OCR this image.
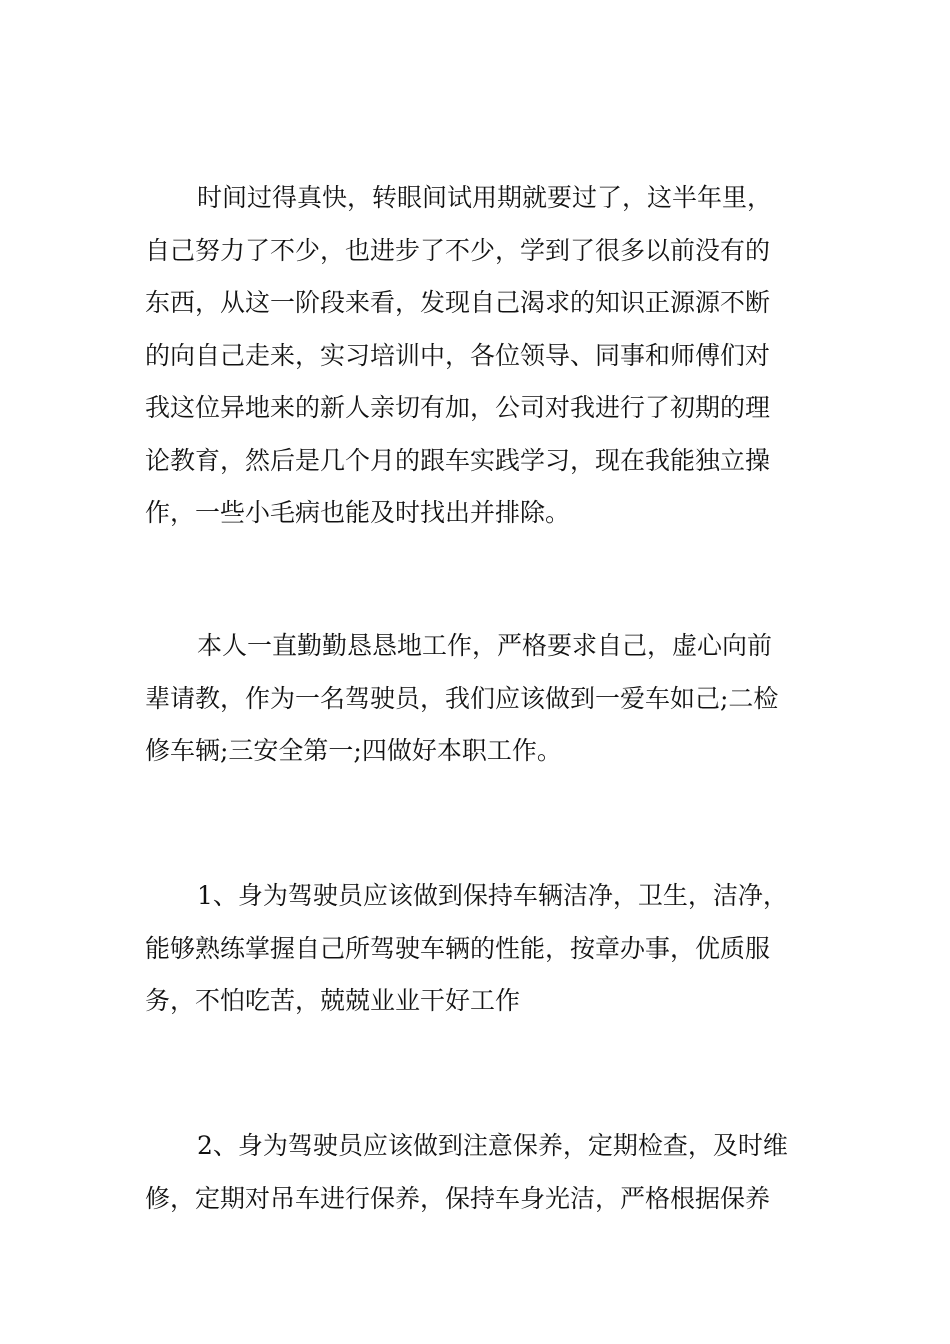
时间过得真快，转眼间试用期就要过了，这半年里，
自己努力了不少，也进步了不少，学到了很多以前没有的
东西，从这一阶段来看，发现自己渴求的知识正源源不断
的向自己走来，实习培训中，各位领导、同事和师傅们对
我这位异地来的新人亲切有加，公司对我进行了初期的理
论教育，然后是几个月的跟车实践学习，现在我能独立操
作，一些小毛病也能及时找出并排除。

本人一直勤勤恳恳地工作，严格要求自己，虚心向前
辈请教，作为一名驾驶员，我们应该做到一爱车如己;二检
修车辆;三安全第一;四做好本职工作。

1、身为驾驶员应该做到保持车辆洁净，卫生，洁净，
能够熟练掌握自己所驾驶车辆的性能，按章办事，优质服
务，不怕吃苦，兢兢业业干好工作

2、身为驾驶员应该做到注意保养，定期检查，及时维
修，定期对吊车进行保养，保持车身光洁，严格根据保养
